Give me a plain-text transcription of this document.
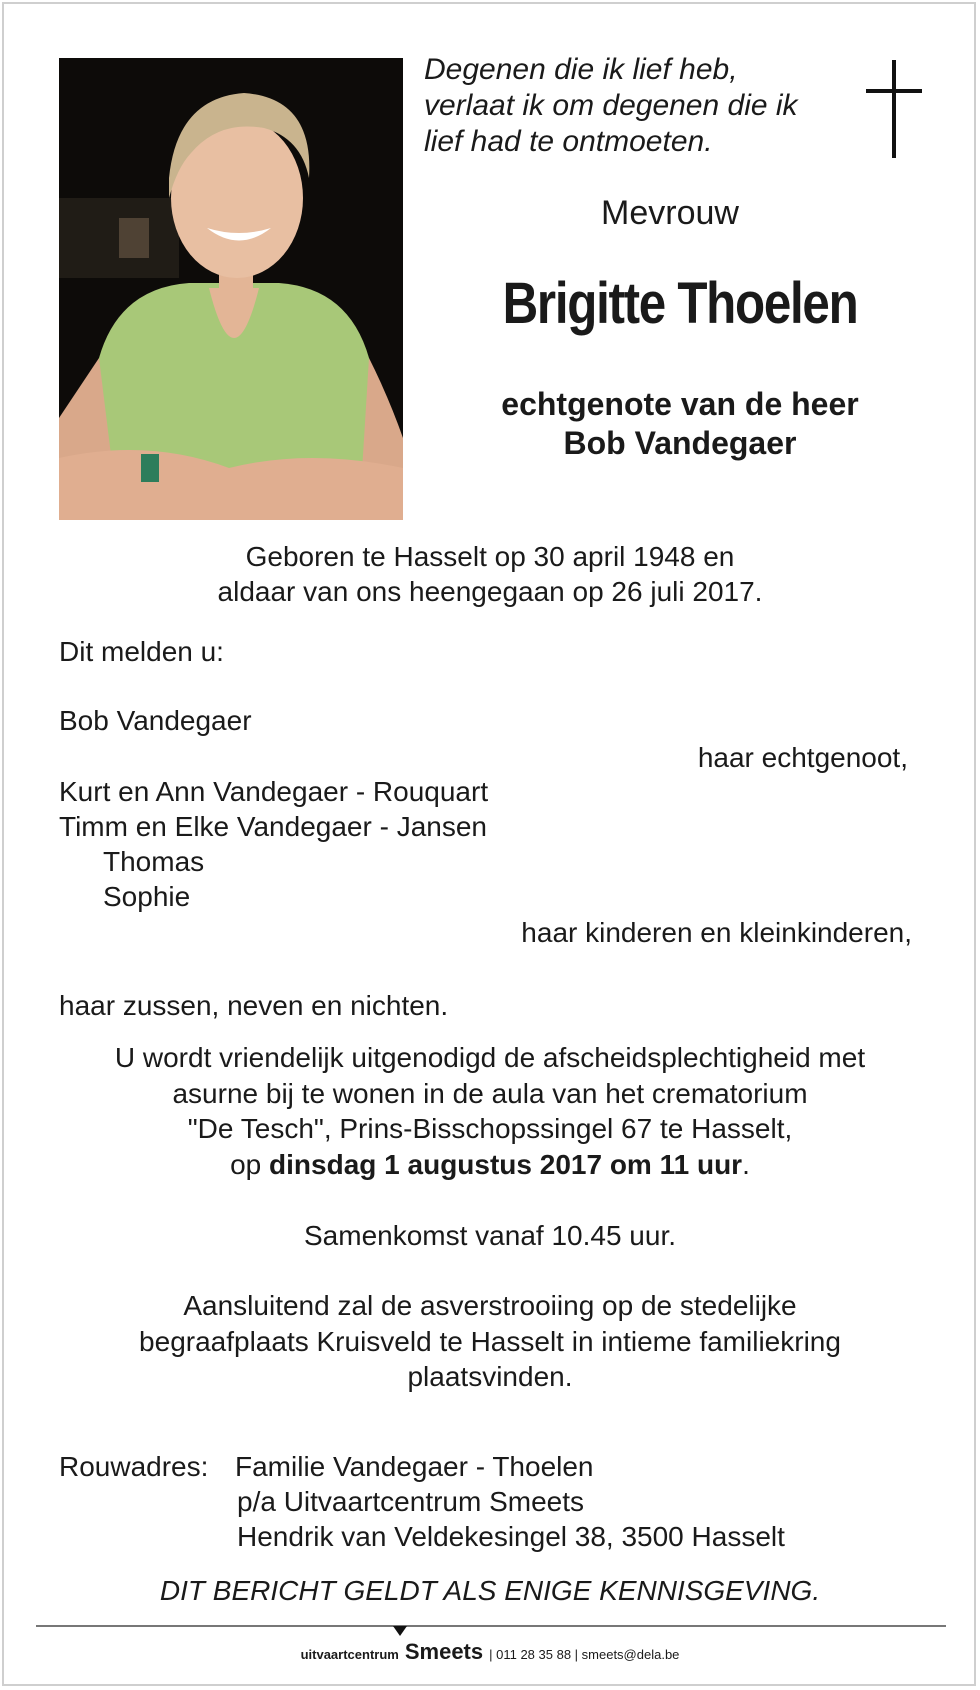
Degenen die ik lief heb,
verlaat ik om degenen die ik
lief had te ontmoeten.
Mevrouw
Brigitte Thoelen
echtgenote van de heer
Bob Vandegaer
Geboren te Hasselt op 30 april 1948 en
aldaar van ons heengegaan op 26 juli 2017.
Dit melden u:
Bob Vandegaer
haar echtgenoot,
Kurt en Ann Vandegaer - Rouquart
Timm en Elke Vandegaer - Jansen
Thomas
Sophie
haar kinderen en kleinkinderen,
haar zussen, neven en nichten.
U wordt vriendelijk uitgenodigd de afscheidsplechtigheid met
asurne bij te wonen in de aula van het crematorium
"De Tesch", Prins-Bisschopssingel 67 te Hasselt,
op dinsdag 1 augustus 2017 om 11 uur.
Samenkomst vanaf 10.45 uur.
Aansluitend zal de asverstrooiing op de stedelijke
begraafplaats Kruisveld te Hasselt in intieme familiekring
plaatsvinden.
Rouwadres: Familie Vandegaer - Thoelen
p/a Uitvaartcentrum Smeets
Hendrik van Veldekesingel 38, 3500 Hasselt
DIT BERICHT GELDT ALS ENIGE KENNISGEVING.
uitvaartcentrum Smeets | 011 28 35 88 | smeets@dela.be
